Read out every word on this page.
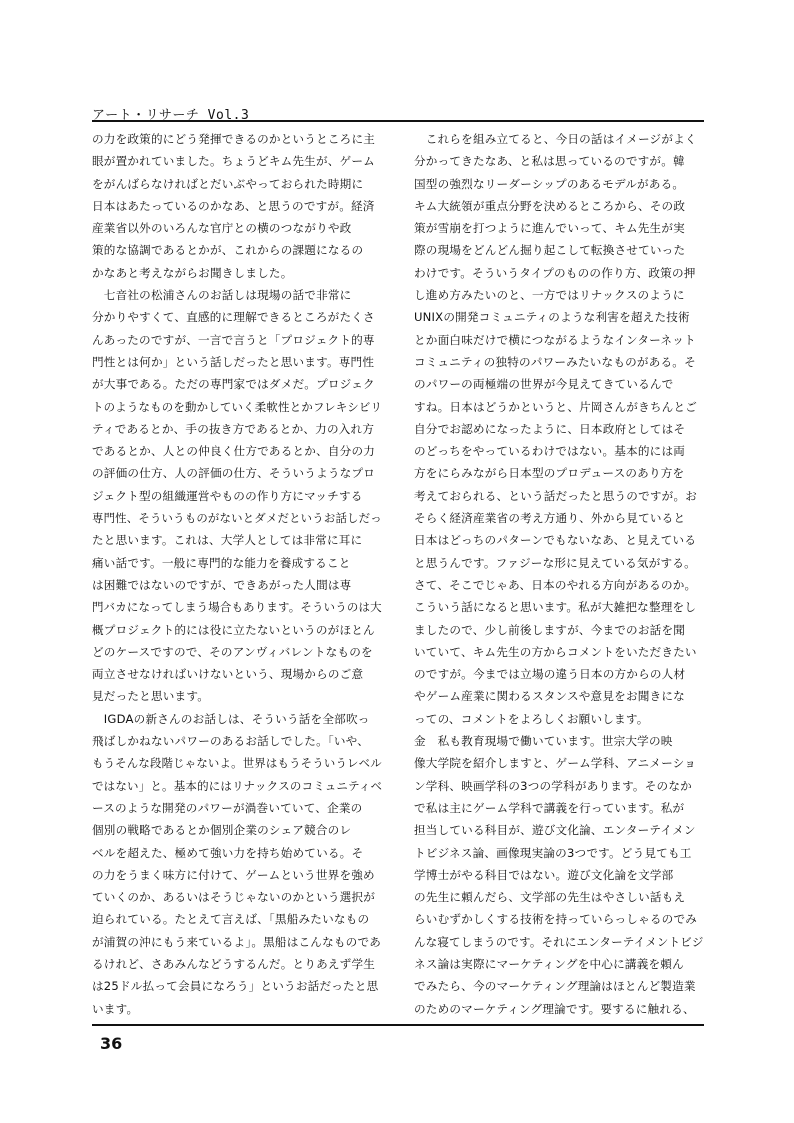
アート・リサーチ Vol.3

の力を政策的にどう発揮できるのかというところに主

眼が置かれていました。ちょうどキム先生が、ゲーム

をがんばらなければとだいぶやっておられた時期に

日本はあたっているのかなあ、と思うのですが。経済

産業省以外のいろんな官庁との横のつながりや政

策的な協調であるとかが、これからの課題になるの

かなあと考えながらお聞きしました。

　七音社の松浦さんのお話しは現場の話で非常に

分かりやすくて、直感的に理解できるところがたくさ

んあったのですが、一言で言うと「プロジェクト的専

門性とは何か」という話しだったと思います。専門性

が大事である。ただの専門家ではダメだ。プロジェク

トのようなものを動かしていく柔軟性とかフレキシビリ

ティであるとか、手の抜き方であるとか、力の入れ方

であるとか、人との仲良く仕方であるとか、自分の力

の評価の仕方、人の評価の仕方、そういうようなプロ

ジェクト型の組織運営やものの作り方にマッチする

専門性、そういうものがないとダメだというお話しだっ

たと思います。これは、大学人としては非常に耳に

痛い話です。一般に専門的な能力を養成すること

は困難ではないのですが、できあがった人間は専

門バカになってしまう場合もあります。そういうのは大

概プロジェクト的には役に立たないというのがほとん

どのケースですので、そのアンヴィバレントなものを

両立させなければいけないという、現場からのご意

見だったと思います。

　IGDAの新さんのお話しは、そういう話を全部吹っ

飛ばしかねないパワーのあるお話しでした。「いや、

もうそんな段階じゃないよ。世界はもうそういうレベル

ではない」と。基本的にはリナックスのコミュニティベ

ースのような開発のパワーが渦巻いていて、企業の

個別の戦略であるとか個別企業のシェア競合のレ

ベルを超えた、極めて強い力を持ち始めている。そ

の力をうまく味方に付けて、ゲームという世界を強め

ていくのか、あるいはそうじゃないのかという選択が

迫られている。たとえて言えば、「黒船みたいなもの

が浦賀の沖にもう来ているよ」。黒船はこんなものであ

るけれど、さあみんなどうするんだ。とりあえず学生

は25ドル払って会員になろう」というお話だったと思

います。

　これらを組み立てると、今日の話はイメージがよく

分かってきたなあ、と私は思っているのですが。韓

国型の強烈なリーダーシップのあるモデルがある。

キム大統領が重点分野を決めるところから、その政

策が雪崩を打つように進んでいって、キム先生が実

際の現場をどんどん掘り起こして転換させていった

わけです。そういうタイプのものの作り方、政策の押

し進め方みたいのと、一方ではリナックスのように

UNIXの開発コミュニティのような利害を超えた技術

とか面白味だけで横につながるようなインターネット

コミュニティの独特のパワーみたいなものがある。そ

のパワーの両極端の世界が今見えてきているんで

すね。日本はどうかというと、片岡さんがきちんとご

自分でお認めになったように、日本政府としてはそ

のどっちをやっているわけではない。基本的には両

方をにらみながら日本型のプロデュースのあり方を

考えておられる、という話だったと思うのですが。お

そらく経済産業省の考え方通り、外から見ていると

日本はどっちのパターンでもないなあ、と見えている

と思うんです。ファジーな形に見えている気がする。

さて、そこでじゃあ、日本のやれる方向があるのか。

こういう話になると思います。私が大雑把な整理をし

ましたので、少し前後しますが、今までのお話を聞

いていて、キム先生の方からコメントをいただきたい

のですが。今までは立場の違う日本の方からの人材

やゲーム産業に関わるスタンスや意見をお聞きにな

っての、コメントをよろしくお願いします。

金　私も教育現場で働いています。世宗大学の映

像大学院を紹介しますと、ゲーム学科、アニメーショ

ン学科、映画学科の3つの学科があります。そのなか

で私は主にゲーム学科で講義を行っています。私が

担当している科目が、遊び文化論、エンターテイメン

トビジネス論、画像現実論の3つです。どう見ても工

学博士がやる科目ではない。遊び文化論を文学部

の先生に頼んだら、文学部の先生はやさしい話もえ

らいむずかしくする技術を持っていらっしゃるのでみ

んな寝てしまうのです。それにエンターテイメントビジ

ネス論は実際にマーケティングを中心に講義を頼ん

でみたら、今のマーケティング理論はほとんど製造業

のためのマーケティング理論です。要するに触れる、

36
